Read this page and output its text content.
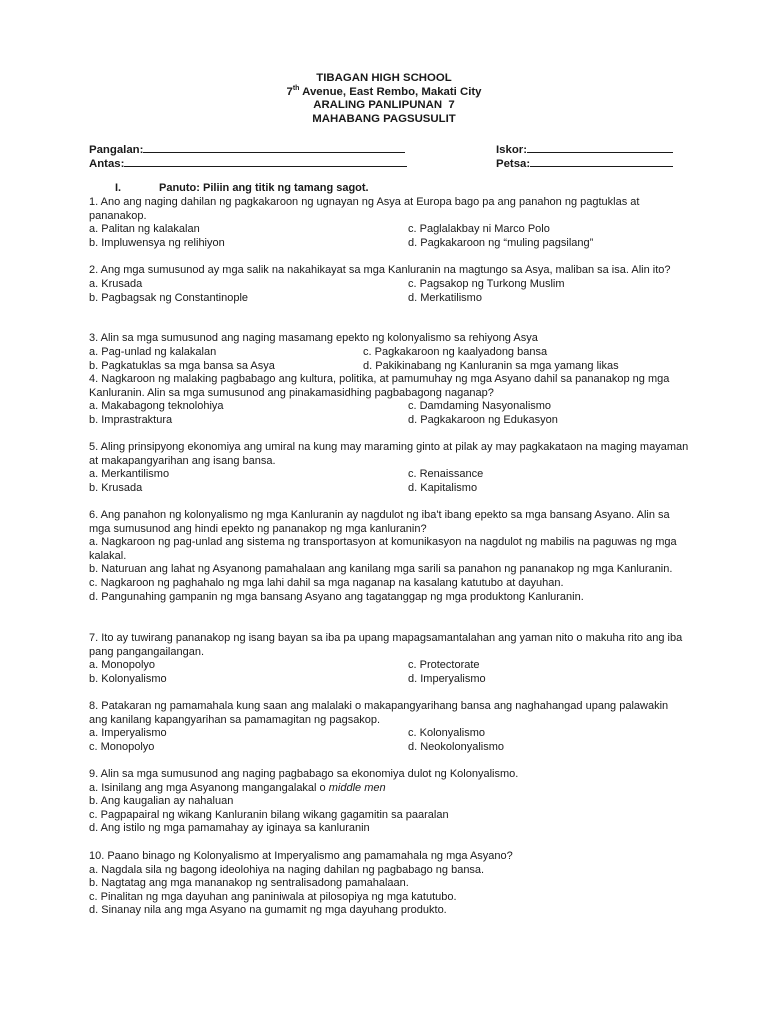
TIBAGAN HIGH SCHOOL
7th Avenue, East Rembo, Makati City
ARALING PANLIPUNAN  7
MAHABANG PAGSUSULIT
Pangalan:
Antas:
Iskor:
Petsa:
I.	Panuto: Piliin ang titik ng tamang sagot.

1. Ano ang naging dahilan ng pagkakaroon ng ugnayan ng Asya at Europa bago pa ang panahon ng pagtuklas at pananakop.

a. Palitan ng kalakalan	c. Paglalakbay ni Marco Polo
b. Impluwensya ng relihiyon	d. Pagkakaroon ng “muling pagsilang”

2. Ang mga sumusunod ay mga salik na nakahikayat sa mga Kanluranin na magtungo sa Asya, maliban sa isa. Alin ito?

a. Krusada	c. Pagsakop ng Turkong Muslim
b. Pagbagsak ng Constantinople	d. Merkatilismo

3. Alin sa mga sumusunod ang naging masamang epekto ng kolonyalismo sa rehiyong Asya

a. Pag-unlad ng kalakalan	c. Pagkakaroon ng kaalyadong bansa
b. Pagkatuklas sa mga bansa sa Asya	d. Pakikinabang ng Kanluranin sa mga yamang likas

4. Nagkaroon ng malaking pagbabago ang kultura, politika, at pamumuhay ng mga Asyano dahil sa pananakop ng mga Kanluranin. Alin sa mga sumusunod ang pinakamasidhing pagbabagong naganap?

a. Makabagong teknolohiya	c. Damdaming Nasyonalismo
b. Imprastraktura	d. Pagkakaroon ng Edukasyon

5. Aling prinsipyong ekonomiya ang umiral na kung may maraming ginto at pilak ay may pagkakataon na maging mayaman at makapangyarihan ang isang bansa.

a. Merkantilismo	c. Renaissance
b. Krusada	d. Kapitalismo

6. Ang panahon ng kolonyalismo ng mga Kanluranin ay nagdulot ng iba't ibang epekto sa mga bansang Asyano. Alin sa mga sumusunod ang hindi epekto ng pananakop ng mga kanluranin?

a. Nagkaroon ng pag-unlad ang sistema ng transportasyon at komunikasyon na nagdulot ng mabilis na paguwas ng mga kalakal.
b. Naturuan ang lahat ng Asyanong pamahalaan ang kanilang mga sarili sa panahon ng pananakop ng mga Kanluranin.
c. Nagkaroon ng paghahalo ng mga lahi dahil sa mga naganap na kasalang katutubo at dayuhan.
d. Pangunahing gampanin ng mga bansang Asyano ang tagatanggap ng mga produktong Kanluranin.

7. Ito ay tuwirang pananakop ng isang bayan sa iba pa upang mapagsamantalahan ang yaman nito o makuha rito ang iba pang pangangailangan.

a. Monopolyo	c. Protectorate
b. Kolonyalismo	d. Imperyalismo

8. Patakaran ng pamamahala kung saan ang malalaki o makapangyarihang bansa ang naghahangad upang palawakin ang kanilang kapangyarihan sa pamamagitan ng pagsakop.

a. Imperyalismo	c. Kolonyalismo
c. Monopolyo	d. Neokolonyalismo

9. Alin sa mga sumusunod ang naging pagbabago sa ekonomiya dulot ng Kolonyalismo.

a. Isinilang ang mga Asyanong mangangalakal o middle men
b. Ang kaugalian ay nahaluan
c. Pagpapairal ng wikang Kanluranin bilang wikang gagamitin sa paaralan
d. Ang istilo ng mga pamamahay ay iginaya sa kanluranin

10. Paano binago ng Kolonyalismo at Imperyalismo ang pamamahala ng mga Asyano?

a. Nagdala sila ng bagong ideolohiya na naging dahilan ng pagbabago ng bansa.
b. Nagtatag ang mga mananakop ng sentralisadong pamahalaan.
c. Pinalitan ng mga dayuhan ang paniniwala at pilosopiya ng mga katutubo.
d. Sinanay nila ang mga Asyano na gumamit ng mga dayuhang produkto.
